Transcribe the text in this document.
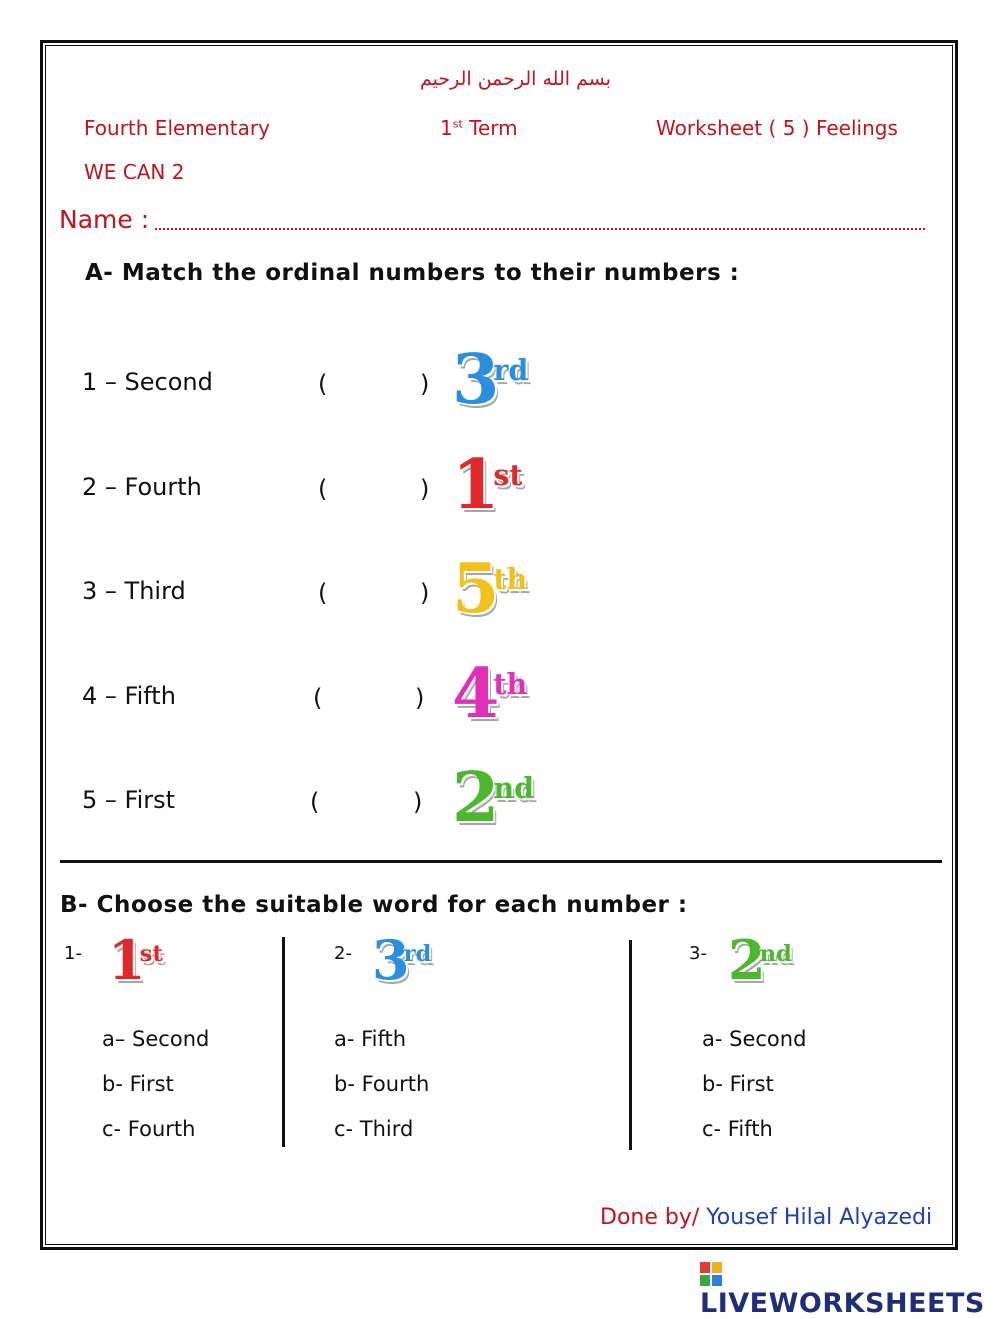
بسم الله الرحمن الرحيم
Fourth Elementary	1st Term	Worksheet ( 5 ) Feelings
WE CAN 2
Name :
A- Match the ordinal numbers to their numbers :
1 – Second	(	) 3rd
2 – Fourth	(	) 1st
3 – Third	(	) 5th
4 – Fifth	(	) 4th
5 – First	(	) 2nd
B- Choose the suitable word for each number :
1- 1st
a– Second
b- First
c- Fourth
2- 3rd
a- Fifth
b- Fourth
c- Third
3- 2nd
a- Second
b- First
c- Fifth
Done by/ Yousef Hilal Alyazedi
LIVEWORKSHEETS
